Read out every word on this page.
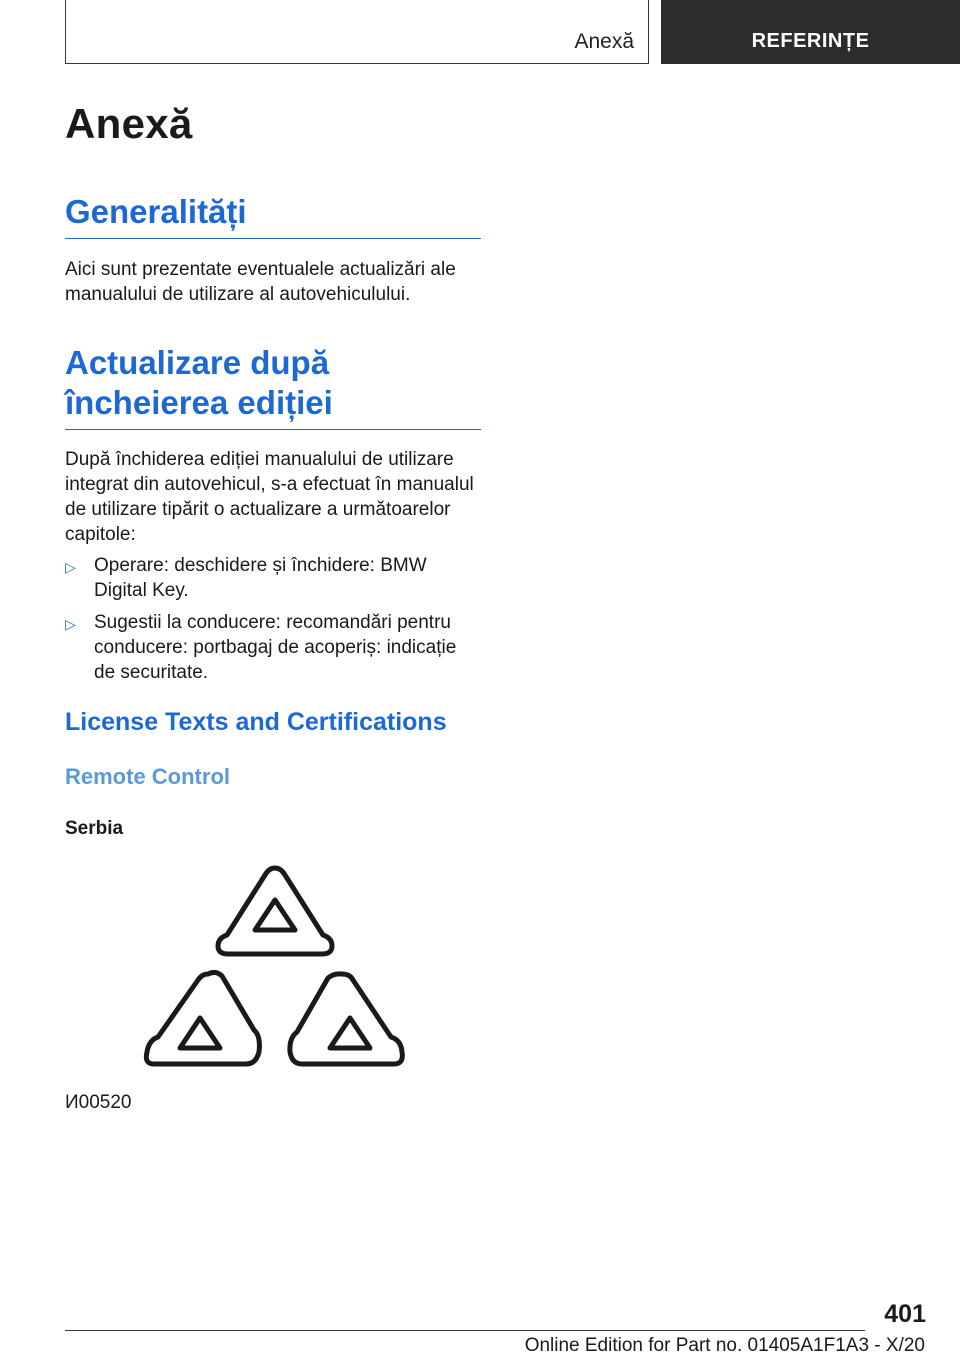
Anexă	REFERINȚE
Anexă
Generalități

Aici sunt prezentate eventualele actualizări ale manualului de utilizare al autovehiculului.

Actualizare după încheierea ediției

După închiderea ediției manualului de utilizare integrat din autovehicul, s-a efectuat în manualul de utilizare tipărit o actualizare a următoarelor capitole:

▷ Operare: deschidere și închidere: BMW Digital Key.
▷ Sugestii la conducere: recomandări pentru conducere: portbagaj de acoperiș: indicație de securitate.
License Texts and Certifications
Remote Control
Serbia
И00520
401
Online Edition for Part no. 01405A1F1A3 - X/20
